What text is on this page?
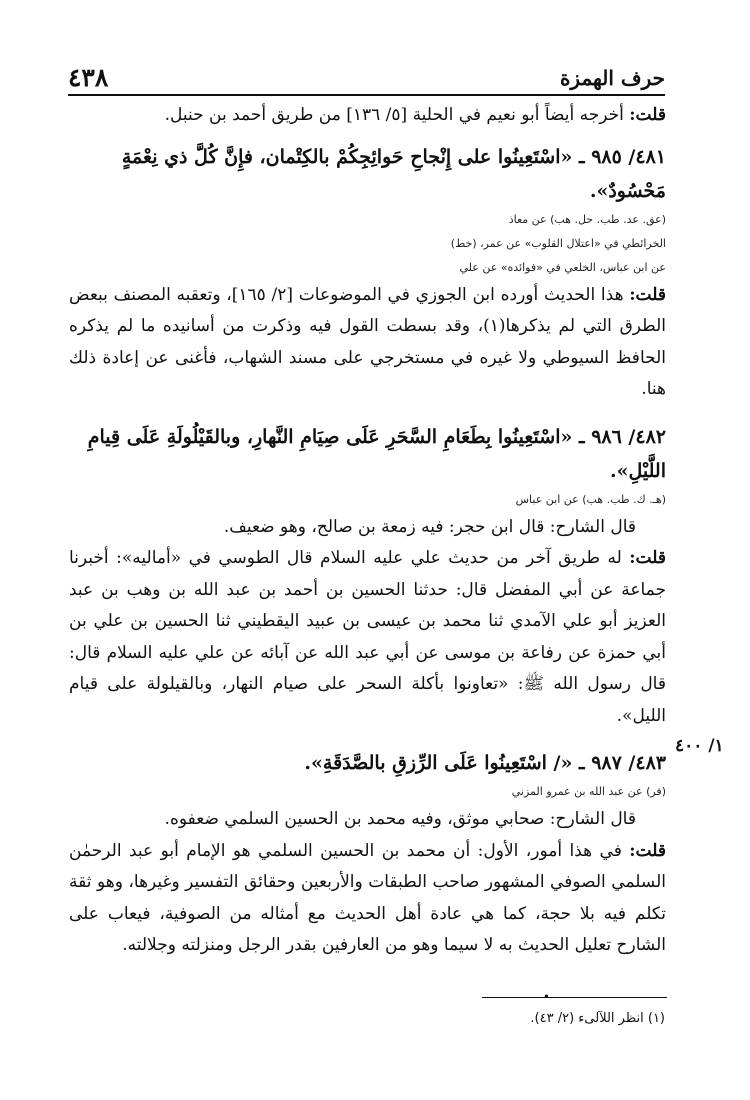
حرف الهمزة
٤٣٨

قلت: أخرجه أيضاً أبو نعيم في الحلية [٥/ ١٣٦] من طريق أحمد بن حنبل.

٤٨١/ ٩٨٥ ـ «اسْتَعِينُوا على إِنْجاحِ حَوائِجِكُمْ بالكِتْمان، فإِنَّ كُلَّ ذي نِعْمَةٍ مَحْسُودٌ».

(عق. عد. طب. حل. هب) عن معاذ

الخرائطي في «اعتلال القلوب» عن عمر، (خط)

عن ابن عباس، الخلعي في «فوائده» عن علي

قلت: هذا الحديث أورده ابن الجوزي في الموضوعات [٢/ ١٦٥]، وتعقبه المصنف ببعض الطرق التي لم يذكرها(١)، وقد بسطت القول فيه وذكرت من أسانيده ما لم يذكره الحافظ السيوطي ولا غيره في مستخرجي على مسند الشهاب، فأغنى عن إعادة ذلك هنا.

٤٨٢/ ٩٨٦ ـ «اسْتَعِينُوا بِطَعَامِ السَّحَرِ عَلَى صِيَامِ النَّهارِ، وبالقَيْلُولَةِ عَلَى قِيامِ اللَّيْلِ».

(هـ. ك. طب. هب) عن ابن عباس

قال الشارح: قال ابن حجر: فيه زمعة بن صالح، وهو ضعيف.

قلت: له طريق آخر من حديث علي عليه السلام قال الطوسي في «أماليه»: أخبرنا جماعة عن أبي المفضل قال: حدثنا الحسين بن أحمد بن عبد الله بن وهب بن عبد العزيز أبو علي الآمدي ثنا محمد بن عيسى بن عبيد اليقطيني ثنا الحسين بن علي بن أبي حمزة عن رفاعة بن موسى عن أبي عبد الله عن آبائه عن علي عليه السلام قال: قال رسول الله ﷺ: «تعاونوا بأكلة السحر على صيام النهار، وبالقيلولة على قيام الليل».

٤٨٣/ ٩٨٧ ـ «/ اسْتَعِينُوا عَلَى الرِّزقِ بالصَّدَقَةِ».

(فر) عن عبد الله بن عمرو المزني

قال الشارح: صحابي موثق، وفيه محمد بن الحسين السلمي ضعفوه.

قلت: في هذا أمور، الأول: أن محمد بن الحسين السلمي هو الإمام أبو عبد الرحمٰن السلمي الصوفي المشهور صاحب الطبقات والأربعين وحقائق التفسير وغيرها، وهو ثقة تكلم فيه بلا حجة، كما هي عادة أهل الحديث مع أمثاله من الصوفية، فيعاب على الشارح تعليل الحديث به لا سيما وهو من العارفين بقدر الرجل ومنزلته وجلالته.

١/ ٤٠٠
•
(١) انظر اللآلىء (٢/ ٤٣).
